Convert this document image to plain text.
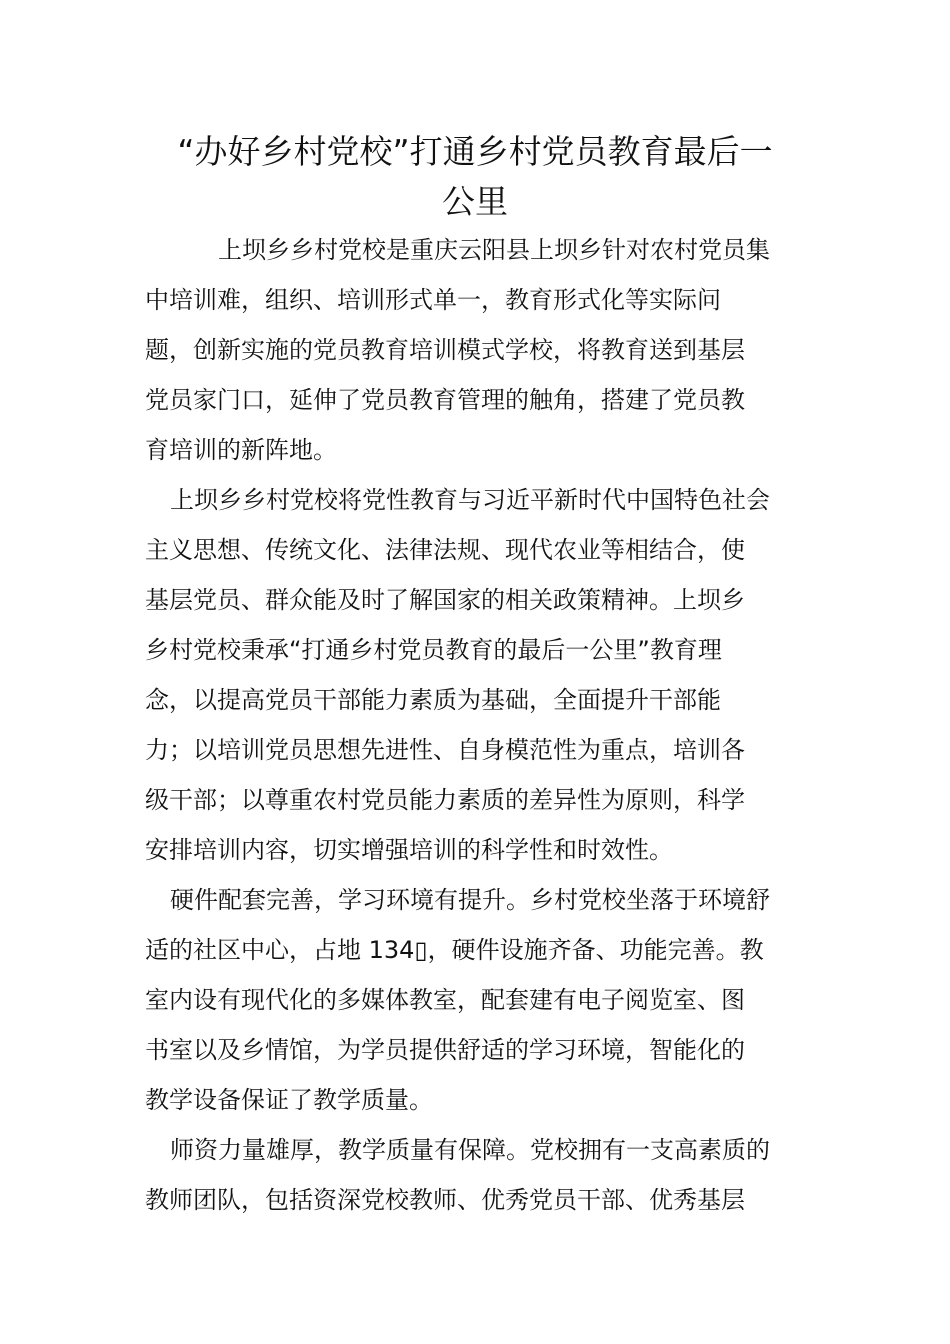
“办好乡村党校”打通乡村党员教育最后一
公里

上坝乡乡村党校是重庆云阳县上坝乡针对农村党员集

中培训难，组织、培训形式单一，教育形式化等实际问

题，创新实施的党员教育培训模式学校，将教育送到基层

党员家门口，延伸了党员教育管理的触角，搭建了党员教

育培训的新阵地。

上坝乡乡村党校将党性教育与习近平新时代中国特色社会

主义思想、传统文化、法律法规、现代农业等相结合，使

基层党员、群众能及时了解国家的相关政策精神。上坝乡

乡村党校秉承“打通乡村党员教育的最后一公里”教育理

念，以提高党员干部能力素质为基础，全面提升干部能

力；以培训党员思想先进性、自身模范性为重点，培训各

级干部；以尊重农村党员能力素质的差异性为原则，科学

安排培训内容，切实增强培训的科学性和时效性。

硬件配套完善，学习环境有提升。乡村党校坐落于环境舒

适的社区中心，占地 134▯，硬件设施齐备、功能完善。教

室内设有现代化的多媒体教室，配套建有电子阅览室、图

书室以及乡情馆，为学员提供舒适的学习环境，智能化的

教学设备保证了教学质量。

师资力量雄厚，教学质量有保障。党校拥有一支高素质的

教师团队，包括资深党校教师、优秀党员干部、优秀基层
